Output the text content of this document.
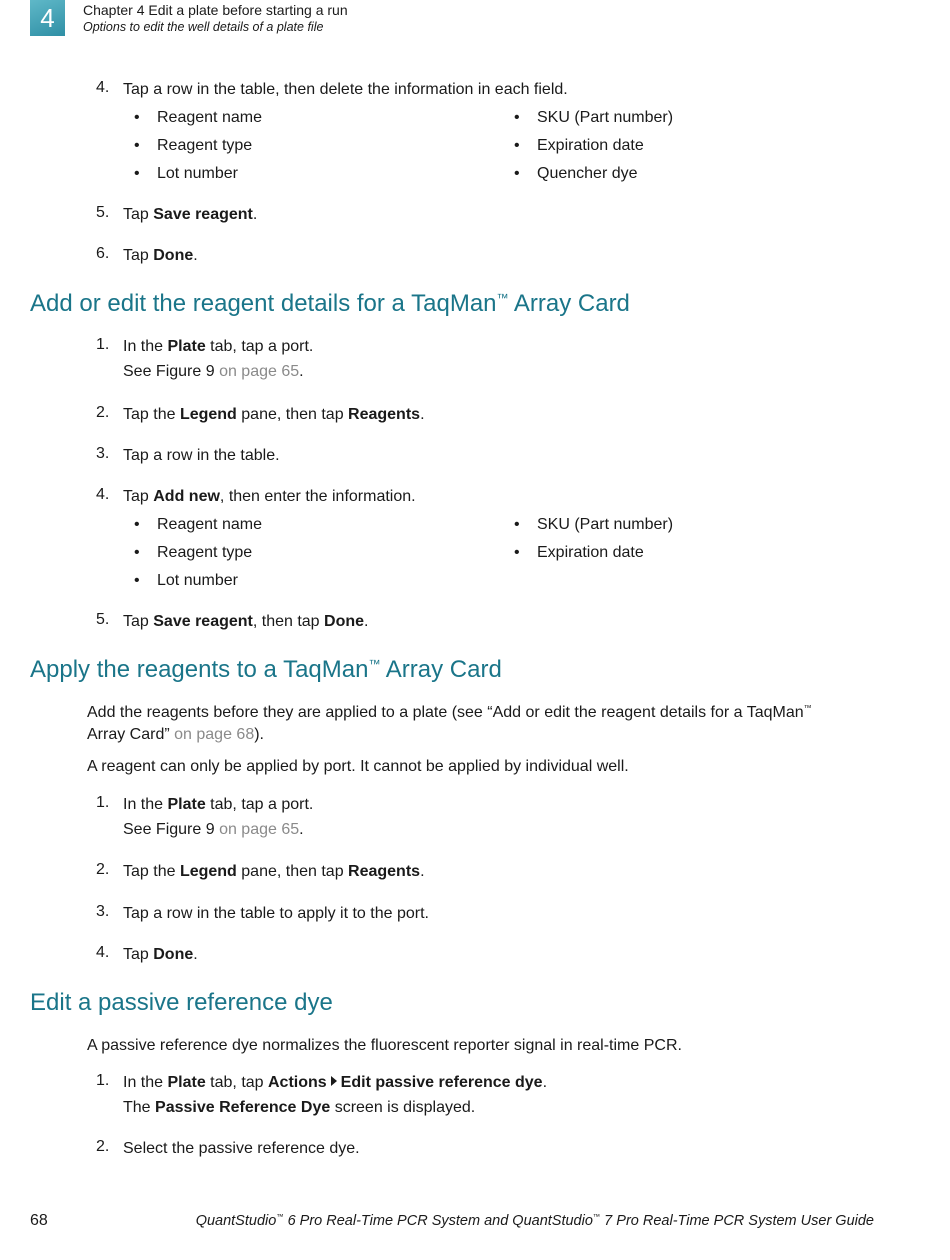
4	Chapter 4 Edit a plate before starting a run
Options to edit the well details of a plate file
4. Tap a row in the table, then delete the information in each field.
• Reagent name
• Reagent type
• Lot number
• SKU (Part number)
• Expiration date
• Quencher dye
5. Tap Save reagent.
6. Tap Done.
Add or edit the reagent details for a TaqMan™ Array Card
1. In the Plate tab, tap a port.
See Figure 9 on page 65.
2. Tap the Legend pane, then tap Reagents.
3. Tap a row in the table.
4. Tap Add new, then enter the information.
• Reagent name
• Reagent type
• Lot number
• SKU (Part number)
• Expiration date
5. Tap Save reagent, then tap Done.
Apply the reagents to a TaqMan™ Array Card
Add the reagents before they are applied to a plate (see “Add or edit the reagent details for a TaqMan™
Array Card” on page 68).
A reagent can only be applied by port. It cannot be applied by individual well.
1. In the Plate tab, tap a port.
See Figure 9 on page 65.
2. Tap the Legend pane, then tap Reagents.
3. Tap a row in the table to apply it to the port.
4. Tap Done.
Edit a passive reference dye
A passive reference dye normalizes the fluorescent reporter signal in real-time PCR.
1. In the Plate tab, tap Actions Edit passive reference dye.
The Passive Reference Dye screen is displayed.
2. Select the passive reference dye.
68	QuantStudio™ 6 Pro Real-Time PCR System and QuantStudio™ 7 Pro Real-Time PCR System User Guide
